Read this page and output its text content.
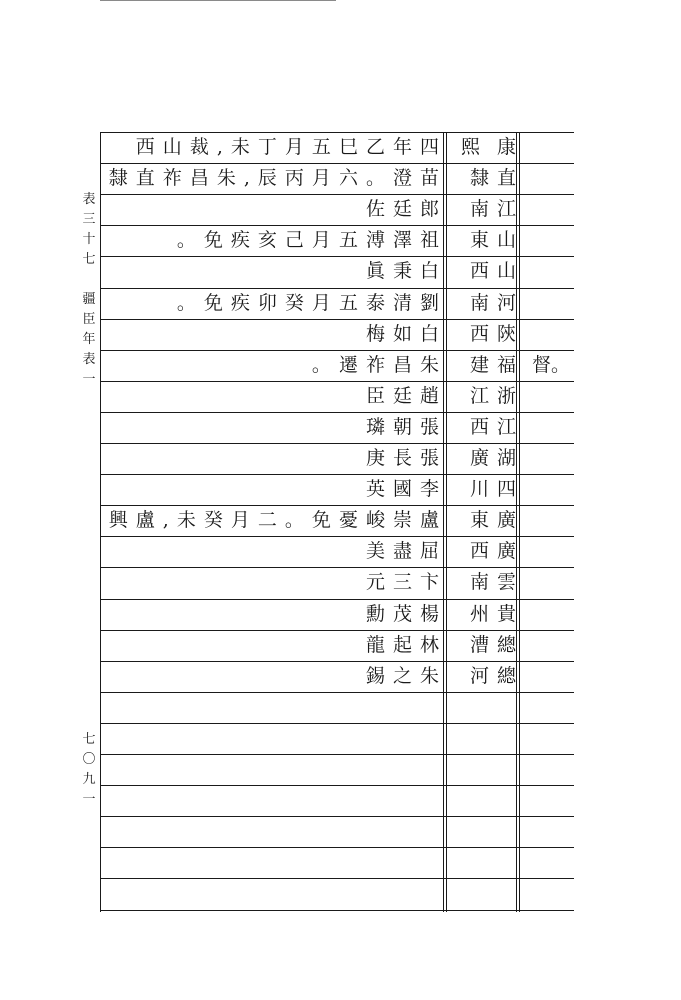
表三十七
疆臣年表一
七〇九一
康
熙
西 山 裁 , 未 丁 月 五 巳 乙 年 四
隸 直
隸 直 祚 昌 朱 , 辰 丙 月 六 。 澄 苗
南 江
佐 廷 郎
東 山
。 免 疾 亥 己 月 五 溥 澤 祖
西 山
眞 秉 白
南 河
。 免 疾 卯 癸 月 五 泰 清 劉
西 陝
梅 如 白
建 福
。 遷 祚 昌 朱	督。
江 浙
臣 廷 趙
西 江
璘 朝 張
廣 湖
庚 長 張
川 四
英 國 李
東 廣
興 盧 , 未 癸 月 二 。 免 憂 峻 崇 盧
西 廣
美 盡 屈
南 雲
元 三 卞
州 貴
勳 茂 楊
漕 總
龍 起 林
河 總
錫 之 朱
